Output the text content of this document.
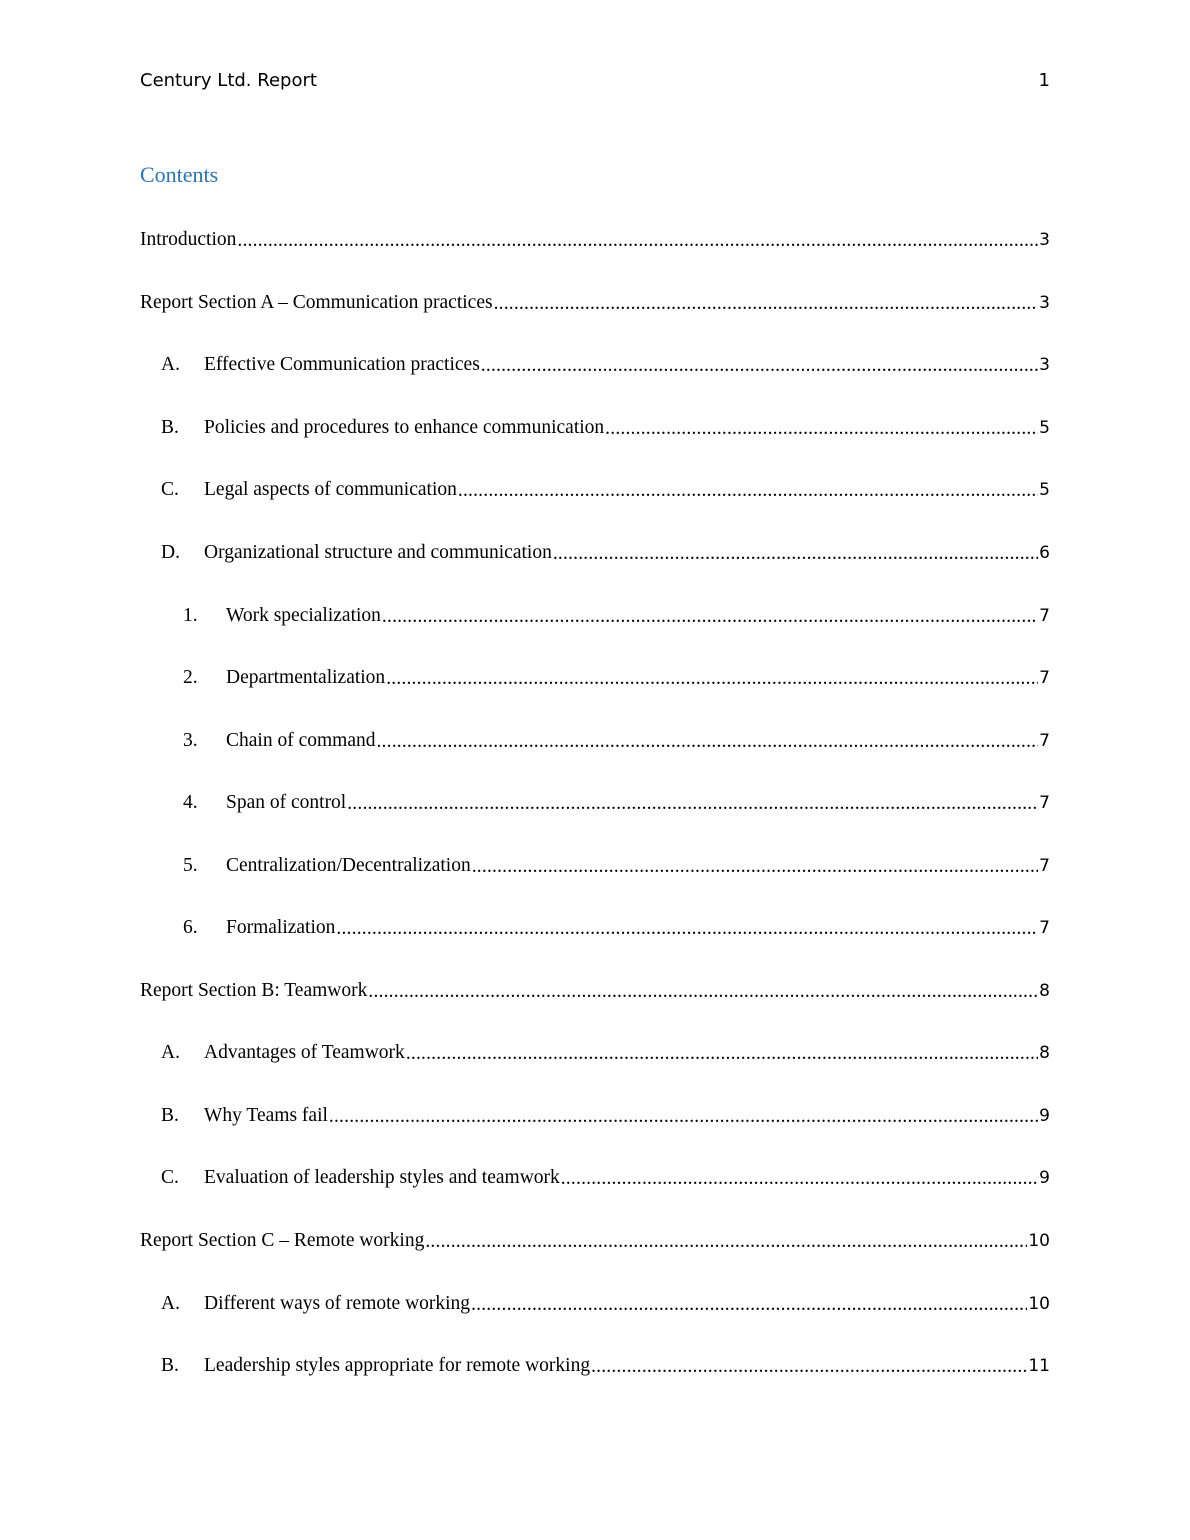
Century Ltd. Report	1
Contents
Introduction .....	3
Report Section A – Communication practices .....	3
A.	Effective Communication practices .....	3
B.	Policies and procedures to enhance communication .....	5
C.	Legal aspects of communication .....	5
D.	Organizational structure and communication .....	6
1.	Work specialization .....	7
2.	Departmentalization .....	7
3.	Chain of command .....	7
4.	Span of control .....	7
5.	Centralization/Decentralization .....	7
6.	Formalization .....	7
Report Section B: Teamwork .....	8
A.	Advantages of Teamwork .....	8
B.	Why Teams fail .....	9
C.	Evaluation of leadership styles and teamwork .....	9
Report Section C – Remote working .....	10
A.	Different ways of remote working .....	10
B.	Leadership styles appropriate for remote working .....	11
